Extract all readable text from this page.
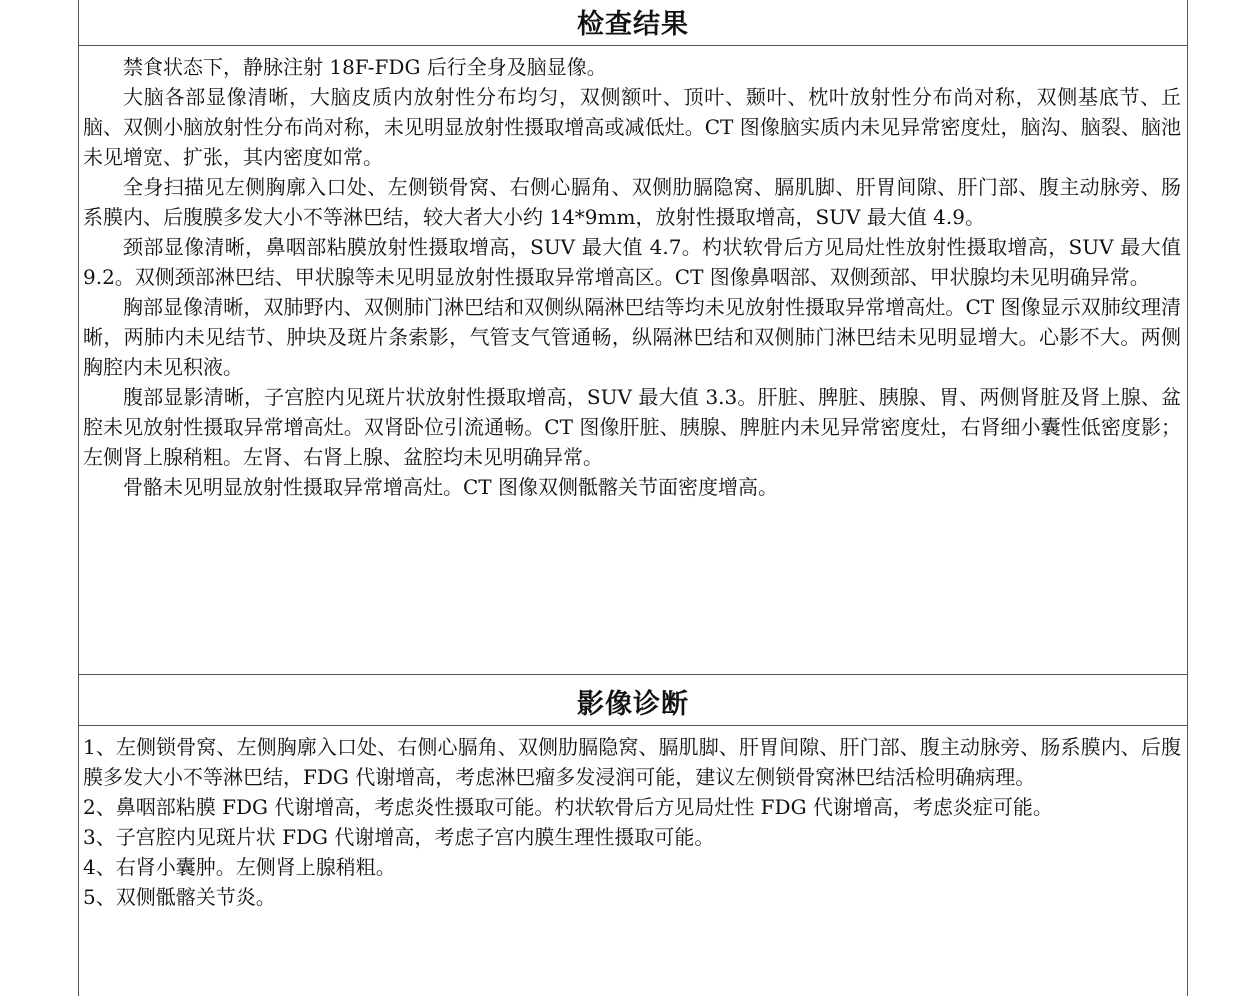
检查结果

禁食状态下，静脉注射 18F-FDG 后行全身及脑显像。

大脑各部显像清晰，大脑皮质内放射性分布均匀，双侧额叶、顶叶、颞叶、枕叶放射性分布尚对称，双侧基底节、丘脑、双侧小脑放射性分布尚对称，未见明显放射性摄取增高或减低灶。CT 图像脑实质内未见异常密度灶，脑沟、脑裂、脑池未见增宽、扩张，其内密度如常。

全身扫描见左侧胸廓入口处、左侧锁骨窝、右侧心膈角、双侧肋膈隐窝、膈肌脚、肝胃间隙、肝门部、腹主动脉旁、肠系膜内、后腹膜多发大小不等淋巴结，较大者大小约 14*9mm，放射性摄取增高，SUV 最大值 4.9。

颈部显像清晰，鼻咽部粘膜放射性摄取增高，SUV 最大值 4.7。杓状软骨后方见局灶性放射性摄取增高，SUV 最大值 9.2。双侧颈部淋巴结、甲状腺等未见明显放射性摄取异常增高区。CT 图像鼻咽部、双侧颈部、甲状腺均未见明确异常。

胸部显像清晰，双肺野内、双侧肺门淋巴结和双侧纵隔淋巴结等均未见放射性摄取异常增高灶。CT 图像显示双肺纹理清晰，两肺内未见结节、肿块及斑片条索影，气管支气管通畅，纵隔淋巴结和双侧肺门淋巴结未见明显增大。心影不大。两侧胸腔内未见积液。

腹部显影清晰，子宫腔内见斑片状放射性摄取增高，SUV 最大值 3.3。肝脏、脾脏、胰腺、胃、两侧肾脏及肾上腺、盆腔未见放射性摄取异常增高灶。双肾卧位引流通畅。CT 图像肝脏、胰腺、脾脏内未见异常密度灶，右肾细小囊性低密度影；左侧肾上腺稍粗。左肾、右肾上腺、盆腔均未见明确异常。

骨骼未见明显放射性摄取异常增高灶。CT 图像双侧骶髂关节面密度增高。

影像诊断

1、左侧锁骨窝、左侧胸廓入口处、右侧心膈角、双侧肋膈隐窝、膈肌脚、肝胃间隙、肝门部、腹主动脉旁、肠系膜内、后腹膜多发大小不等淋巴结，FDG 代谢增高，考虑淋巴瘤多发浸润可能，建议左侧锁骨窝淋巴结活检明确病理。

2、鼻咽部粘膜 FDG 代谢增高，考虑炎性摄取可能。杓状软骨后方见局灶性 FDG 代谢增高，考虑炎症可能。

3、子宫腔内见斑片状 FDG 代谢增高，考虑子宫内膜生理性摄取可能。

4、右肾小囊肿。左侧肾上腺稍粗。

5、双侧骶髂关节炎。
